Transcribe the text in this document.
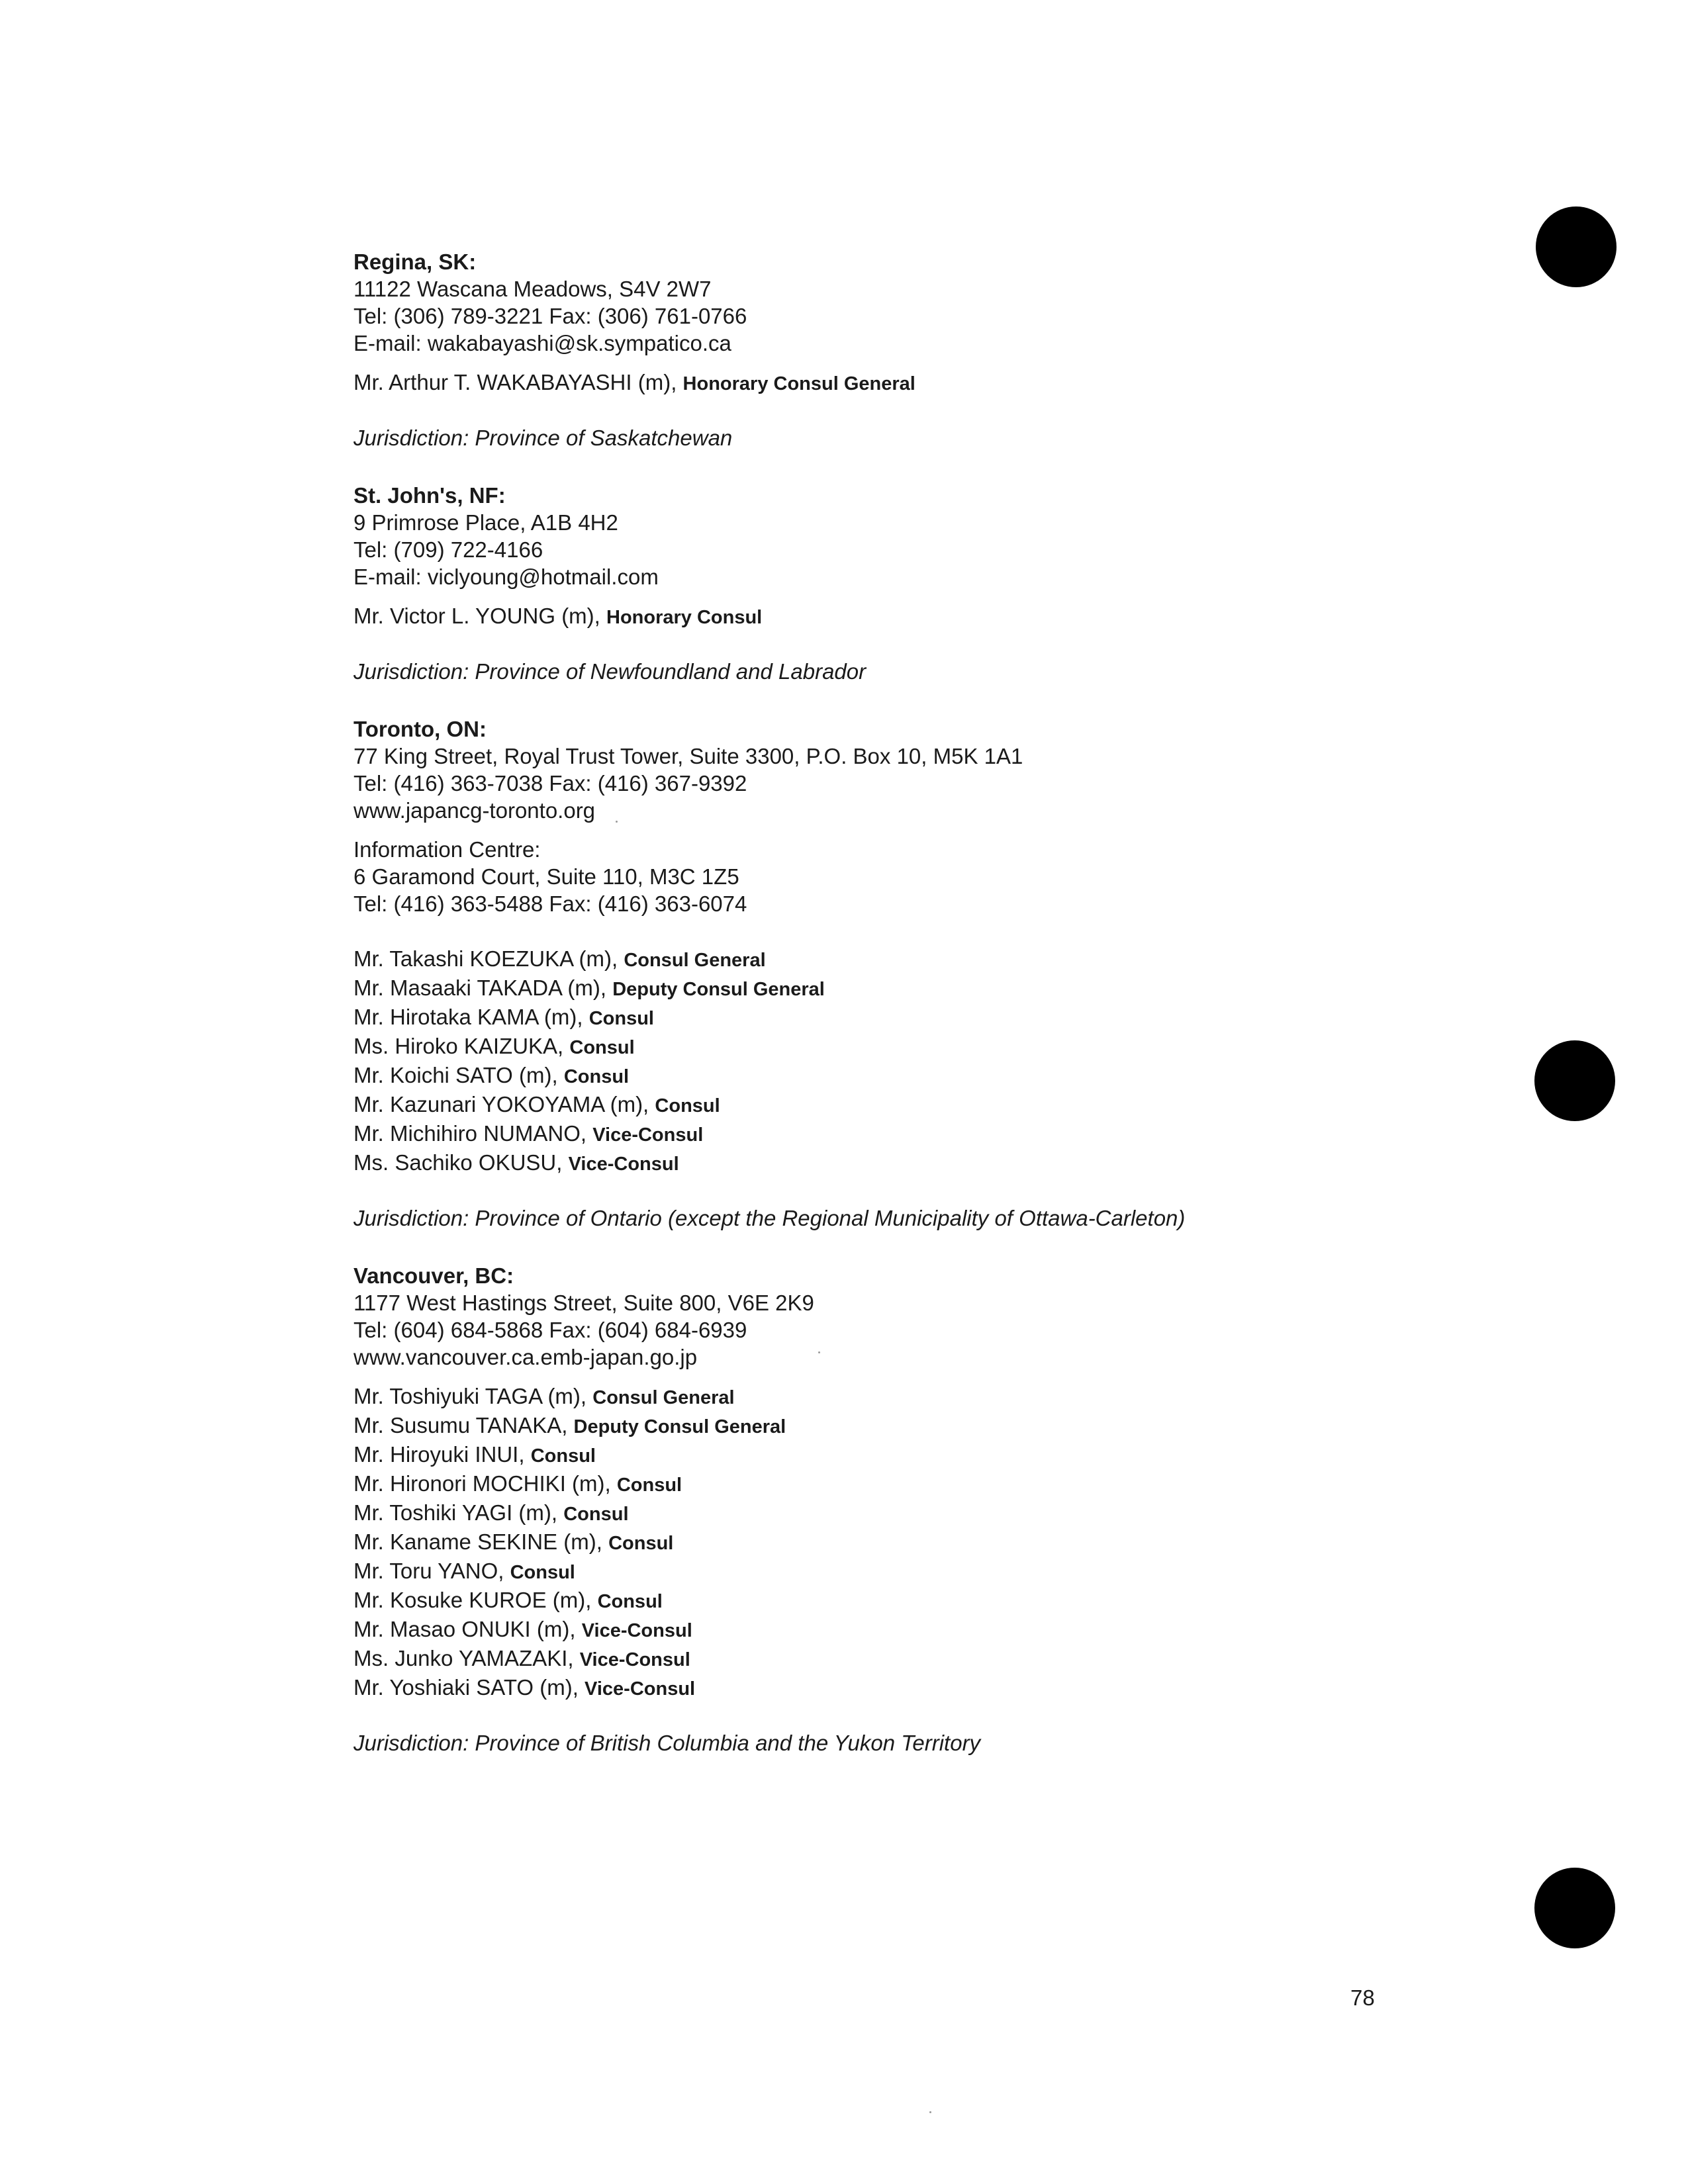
Regina, SK:
11122 Wascana Meadows, S4V 2W7
Tel: (306) 789-3221 Fax: (306) 761-0766
E-mail: wakabayashi@sk.sympatico.ca
Mr. Arthur T. WAKABAYASHI (m), Honorary Consul General
Jurisdiction: Province of Saskatchewan
St. John's, NF:
9 Primrose Place, A1B 4H2
Tel: (709) 722-4166
E-mail: viclyoung@hotmail.com
Mr. Victor L. YOUNG (m), Honorary Consul
Jurisdiction: Province of Newfoundland and Labrador
Toronto, ON:
77 King Street, Royal Trust Tower, Suite 3300, P.O. Box 10, M5K 1A1
Tel: (416) 363-7038 Fax: (416) 367-9392
www.japancg-toronto.org
Information Centre:
6 Garamond Court, Suite 110, M3C 1Z5
Tel: (416) 363-5488 Fax: (416) 363-6074
Mr. Takashi KOEZUKA (m), Consul General
Mr. Masaaki TAKADA (m), Deputy Consul General
Mr. Hirotaka KAMA (m), Consul
Ms. Hiroko KAIZUKA, Consul
Mr. Koichi SATO (m), Consul
Mr. Kazunari YOKOYAMA (m), Consul
Mr. Michihiro NUMANO, Vice-Consul
Ms. Sachiko OKUSU, Vice-Consul
Jurisdiction: Province of Ontario (except the Regional Municipality of Ottawa-Carleton)
Vancouver, BC:
1177 West Hastings Street, Suite 800, V6E 2K9
Tel: (604) 684-5868 Fax: (604) 684-6939
www.vancouver.ca.emb-japan.go.jp
Mr. Toshiyuki TAGA (m), Consul General
Mr. Susumu TANAKA, Deputy Consul General
Mr. Hiroyuki INUI, Consul
Mr. Hironori MOCHIKI (m), Consul
Mr. Toshiki YAGI (m), Consul
Mr. Kaname SEKINE (m), Consul
Mr. Toru YANO, Consul
Mr. Kosuke KUROE (m), Consul
Mr. Masao ONUKI (m), Vice-Consul
Ms. Junko YAMAZAKI, Vice-Consul
Mr. Yoshiaki SATO (m), Vice-Consul
Jurisdiction: Province of British Columbia and the Yukon Territory
78
